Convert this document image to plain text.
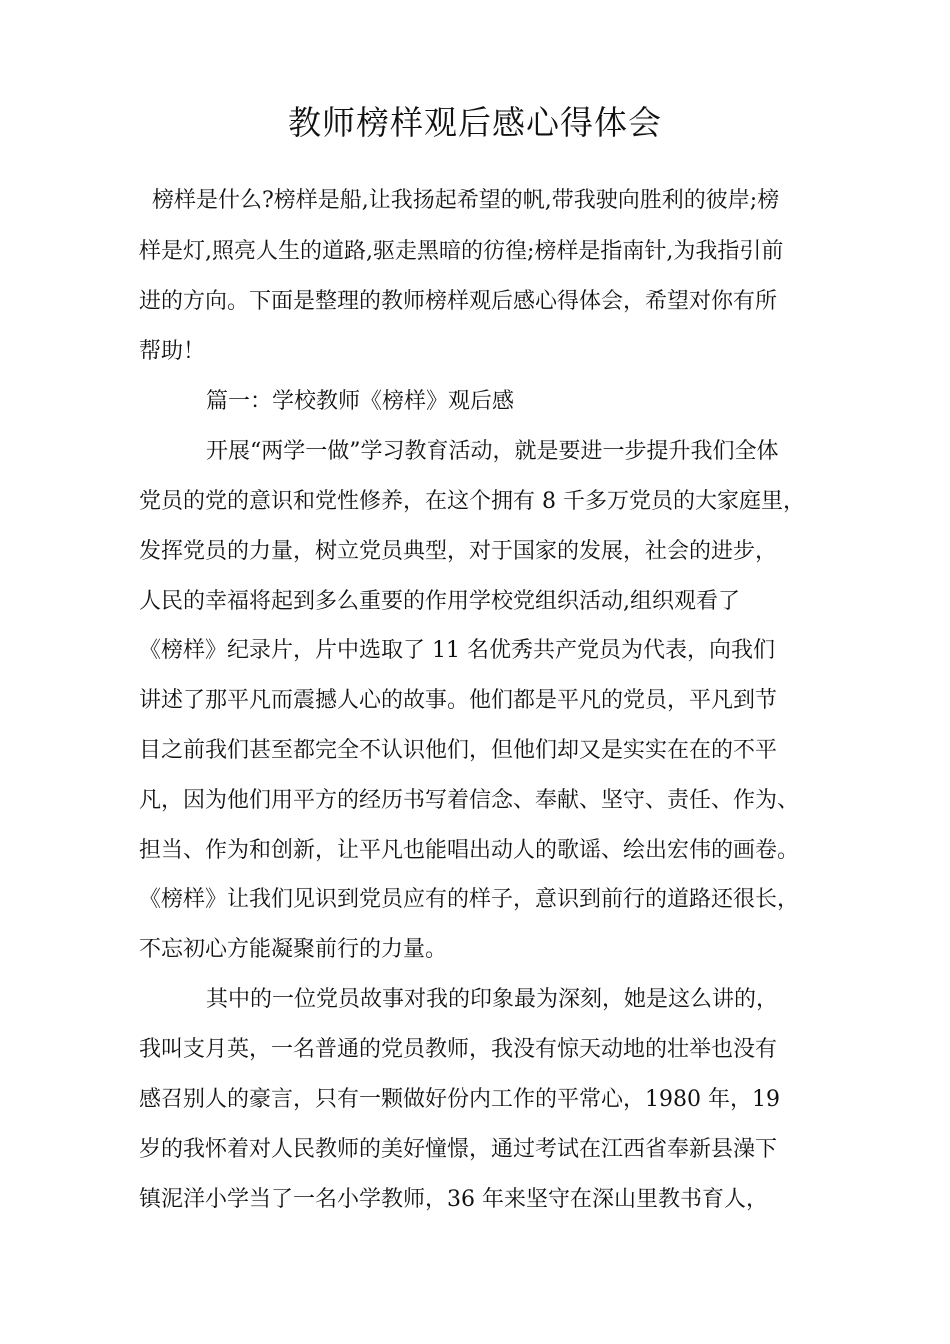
教师榜样观后感心得体会
榜样是什么?榜样是船,让我扬起希望的帆,带我驶向胜利的彼岸;榜
样是灯,照亮人生的道路,驱走黑暗的彷徨;榜样是指南针,为我指引前
进的方向。下面是整理的教师榜样观后感心得体会，希望对你有所
帮助！
篇一：学校教师《榜样》观后感
开展“两学一做”学习教育活动，就是要进一步提升我们全体
党员的党的意识和党性修养，在这个拥有 8 千多万党员的大家庭里，
发挥党员的力量，树立党员典型，对于国家的发展，社会的进步，
人民的幸福将起到多么重要的作用学校党组织活动,组织观看了
《榜样》纪录片，片中选取了 11 名优秀共产党员为代表，向我们
讲述了那平凡而震撼人心的故事。他们都是平凡的党员，平凡到节
目之前我们甚至都完全不认识他们，但他们却又是实实在在的不平
凡，因为他们用平方的经历书写着信念、奉献、坚守、责任、作为、
担当、作为和创新，让平凡也能唱出动人的歌谣、绘出宏伟的画卷。
《榜样》让我们见识到党员应有的样子，意识到前行的道路还很长，
不忘初心方能凝聚前行的力量。
其中的一位党员故事对我的印象最为深刻，她是这么讲的，
我叫支月英，一名普通的党员教师，我没有惊天动地的壮举也没有
感召别人的豪言，只有一颗做好份内工作的平常心，1980 年，19
岁的我怀着对人民教师的美好憧憬，通过考试在江西省奉新县澡下
镇泥洋小学当了一名小学教师，36 年来坚守在深山里教书育人，
